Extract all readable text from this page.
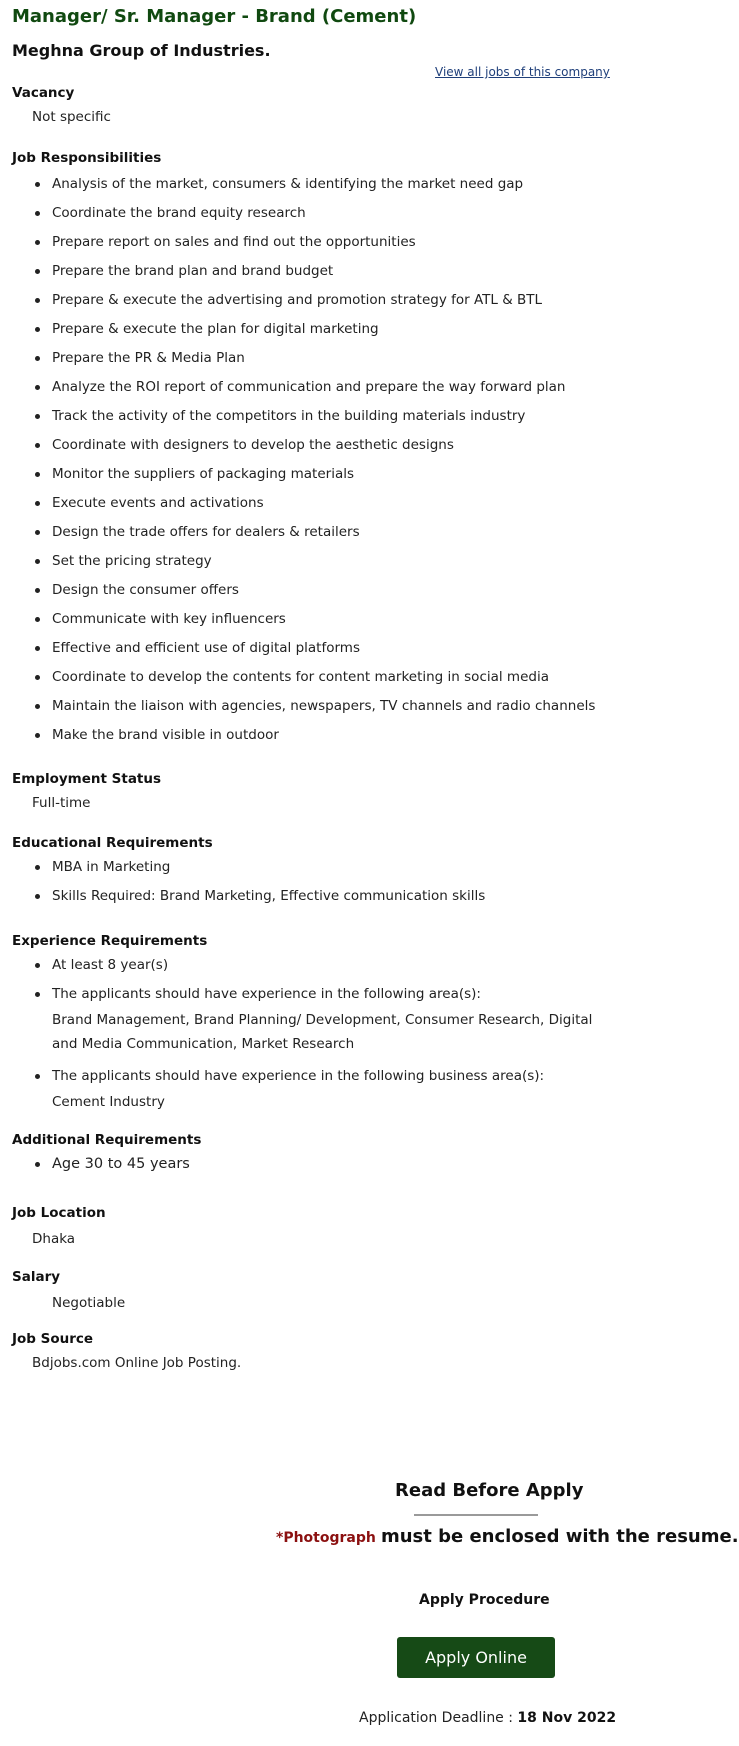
Manager/ Sr. Manager - Brand (Cement)
Meghna Group of Industries.
View all jobs of this company
Vacancy
Not specific
Job Responsibilities
Analysis of the market, consumers & identifying the market need gap
Coordinate the brand equity research
Prepare report on sales and find out the opportunities
Prepare the brand plan and brand budget
Prepare & execute the advertising and promotion strategy for ATL & BTL
Prepare & execute the plan for digital marketing
Prepare the PR & Media Plan
Analyze the ROI report of communication and prepare the way forward plan
Track the activity of the competitors in the building materials industry
Coordinate with designers to develop the aesthetic designs
Monitor the suppliers of packaging materials
Execute events and activations
Design the trade offers for dealers & retailers
Set the pricing strategy
Design the consumer offers
Communicate with key influencers
Effective and efficient use of digital platforms
Coordinate to develop the contents for content marketing in social media
Maintain the liaison with agencies, newspapers, TV channels and radio channels
Make the brand visible in outdoor
Employment Status
Full-time
Educational Requirements
MBA in Marketing
Skills Required: Brand Marketing, Effective communication skills
Experience Requirements
At least 8 year(s)
The applicants should have experience in the following area(s):
Brand Management, Brand Planning/ Development, Consumer Research, Digital
and Media Communication, Market Research
The applicants should have experience in the following business area(s):
Cement Industry
Additional Requirements
Age 30 to 45 years
Job Location
Dhaka
Salary
Negotiable
Job Source
Bdjobs.com Online Job Posting.
Read Before Apply
*Photograph must be enclosed with the resume.
Apply Procedure
Apply Online
Application Deadline : 18 Nov 2022
